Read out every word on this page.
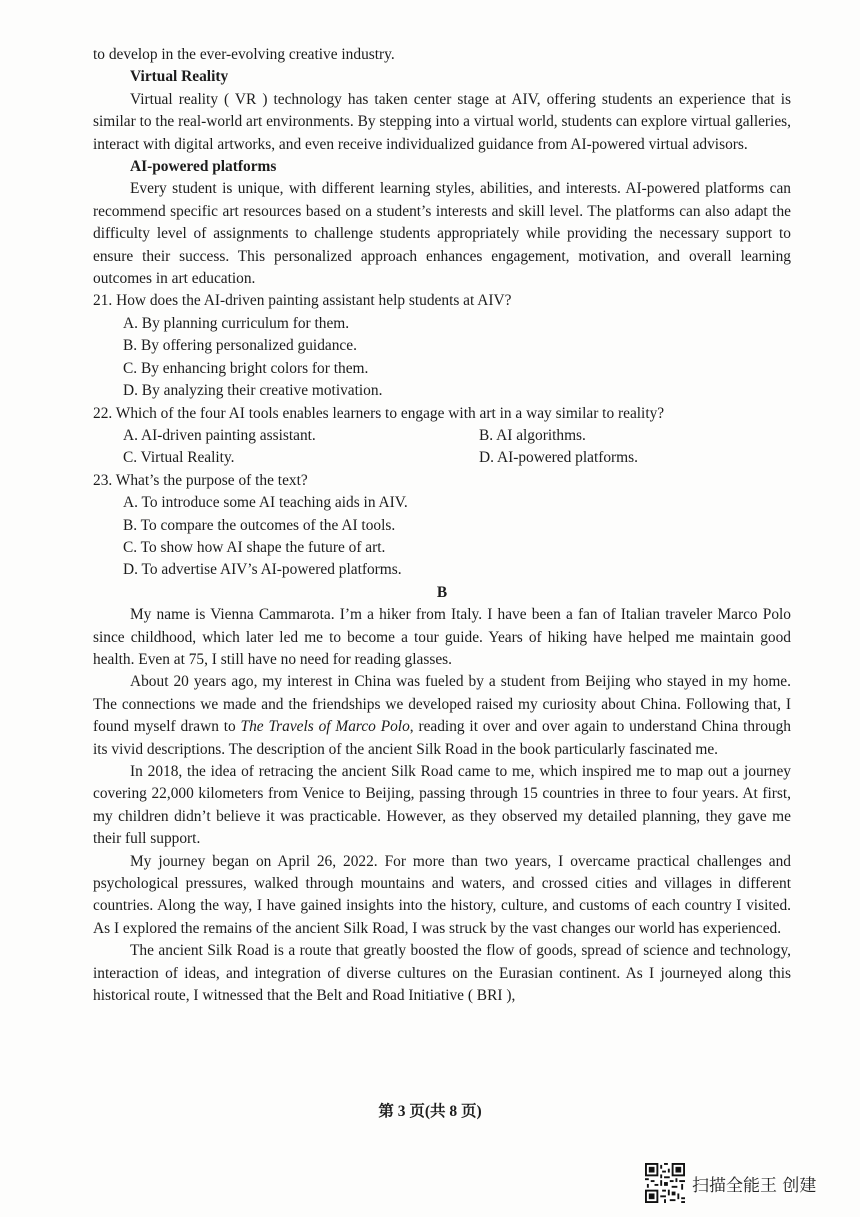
to develop in the ever-evolving creative industry.

Virtual Reality

Virtual reality ( VR ) technology has taken center stage at AIV, offering students an experience that is similar to the real-world art environments. By stepping into a virtual world, students can explore virtual galleries, interact with digital artworks, and even receive individualized guidance from AI-powered virtual advisors.

AI-powered platforms

Every student is unique, with different learning styles, abilities, and interests. AI-powered platforms can recommend specific art resources based on a student’s interests and skill level. The platforms can also adapt the difficulty level of assignments to challenge students appropriately while providing the necessary support to ensure their success. This personalized approach enhances engagement, motivation, and overall learning outcomes in art education.

21. How does the AI-driven painting assistant help students at AIV?

A. By planning curriculum for them.

B. By offering personalized guidance.

C. By enhancing bright colors for them.

D. By analyzing their creative motivation.

22. Which of the four AI tools enables learners to engage with art in a way similar to reality?

A. AI-driven painting assistant.	B. AI algorithms.
C. Virtual Reality.	D. AI-powered platforms.

23. What’s the purpose of the text?

A. To introduce some AI teaching aids in AIV.

B. To compare the outcomes of the AI tools.

C. To show how AI shape the future of art.

D. To advertise AIV’s AI-powered platforms.

B

My name is Vienna Cammarota. I’m a hiker from Italy. I have been a fan of Italian traveler Marco Polo since childhood, which later led me to become a tour guide. Years of hiking have helped me maintain good health. Even at 75, I still have no need for reading glasses.

About 20 years ago, my interest in China was fueled by a student from Beijing who stayed in my home. The connections we made and the friendships we developed raised my curiosity about China. Following that, I found myself drawn to The Travels of Marco Polo, reading it over and over again to understand China through its vivid descriptions. The description of the ancient Silk Road in the book particularly fascinated me.

In 2018, the idea of retracing the ancient Silk Road came to me, which inspired me to map out a journey covering 22,000 kilometers from Venice to Beijing, passing through 15 countries in three to four years. At first, my children didn’t believe it was practicable. However, as they observed my detailed planning, they gave me their full support.

My journey began on April 26, 2022. For more than two years, I overcame practical challenges and psychological pressures, walked through mountains and waters, and crossed cities and villages in different countries. Along the way, I have gained insights into the history, culture, and customs of each country I visited. As I explored the remains of the ancient Silk Road, I was struck by the vast changes our world has experienced.

The ancient Silk Road is a route that greatly boosted the flow of goods, spread of science and technology, interaction of ideas, and integration of diverse cultures on the Eurasian continent. As I journeyed along this historical route, I witnessed that the Belt and Road Initiative ( BRI ),

第 3 页(共 8 页)
扫描全能王 创建
